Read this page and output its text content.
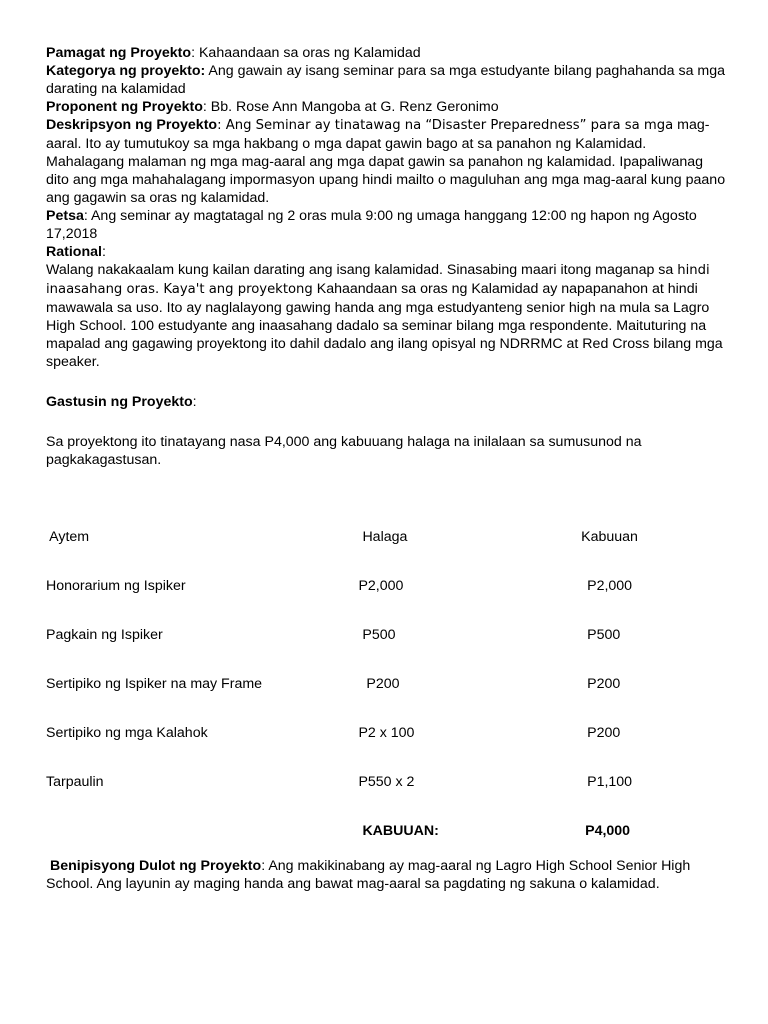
Pamagat ng Proyekto: Kahaandaan sa oras ng Kalamidad

Kategorya ng proyekto: Ang gawain ay isang seminar para sa mga estudyante bilang paghahanda sa mga darating na kalamidad

Proponent ng Proyekto: Bb. Rose Ann Mangoba at G. Renz Geronimo

Deskripsyon ng Proyekto: Ang Seminar ay tinatawag na “Disaster Preparedness” para sa mga mag-aaral. Ito ay tumutukoy sa mga hakbang o mga dapat gawin bago at sa panahon ng Kalamidad. Mahalagang malaman ng mga mag-aaral ang mga dapat gawin sa panahon ng kalamidad. Ipapaliwanag dito ang mga mahahalagang impormasyon upang hindi mailto o maguluhan ang mga mag-aaral kung paano ang gagawin sa oras ng kalamidad.

Petsa: Ang seminar ay magtatagal ng 2 oras mula 9:00 ng umaga hanggang 12:00 ng hapon ng Agosto 17,2018

Rational:

Walang nakakaalam kung kailan darating ang isang kalamidad. Sinasabing maari itong maganap sa hindi inaasahang oras. Kaya't ang proyektong Kahaandaan sa oras ng Kalamidad ay napapanahon at hindi mawawala sa uso. Ito ay naglalayong gawing handa ang mga estudyanteng senior high na mula sa Lagro High School. 100 estudyante ang inaasahang dadalo sa seminar bilang mga respondente. Maituturing na mapalad ang gagawing proyektong ito dahil dadalo ang ilang opisyal ng NDRRMC at Red Cross bilang mga speaker.

Gastusin ng Proyekto:

Sa proyektong ito tinatayang nasa P4,000 ang kabuuang halaga na inilalaan sa sumusunod na pagkakagastusan.

Aytem	Halaga	Kabuuan
Honorarium ng Ispiker	P2,000	P2,000
Pagkain ng Ispiker	P500	P500
Sertipiko ng Ispiker na may Frame	P200	P200
Sertipiko ng mga Kalahok	P2 x 100	P200
Tarpaulin	P550 x 2	P1,100
	KABUUAN:	P4,000

Benipisyong Dulot ng Proyekto: Ang makikinabang ay mag-aaral ng Lagro High School Senior High School. Ang layunin ay maging handa ang bawat mag-aaral sa pagdating ng sakuna o kalamidad.
